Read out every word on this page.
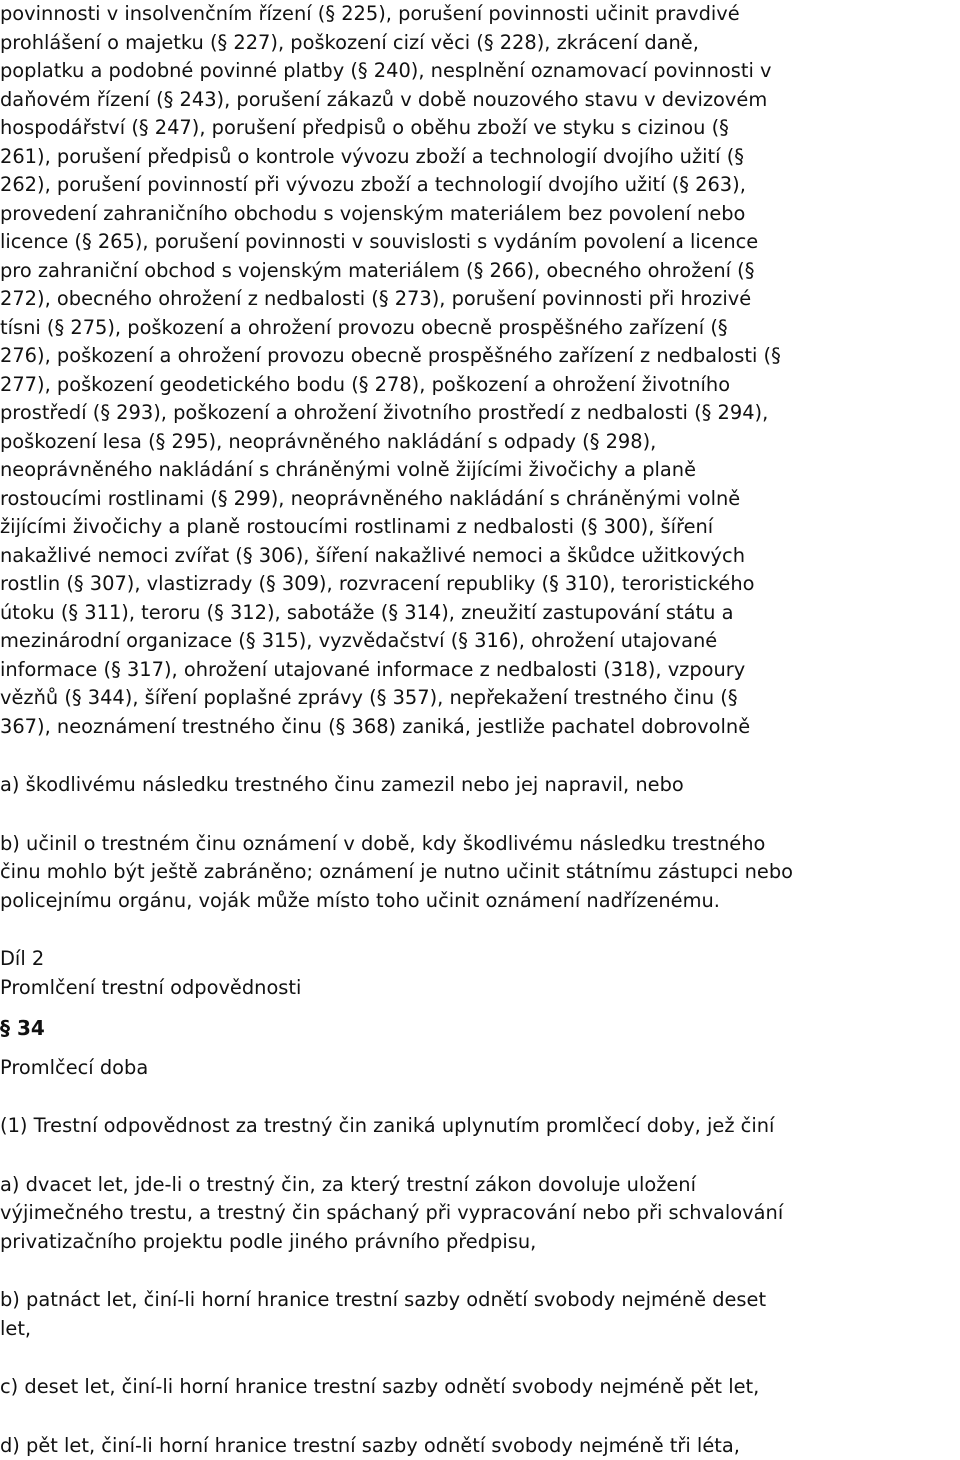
povinnosti v insolvenčním řízení (§ 225), porušení povinnosti učinit pravdivé
prohlášení o majetku (§ 227), poškození cizí věci (§ 228), zkrácení daně,
poplatku a podobné povinné platby (§ 240), nesplnění oznamovací povinnosti v
daňovém řízení (§ 243), porušení zákazů v době nouzového stavu v devizovém
hospodářství (§ 247), porušení předpisů o oběhu zboží ve styku s cizinou (§
261), porušení předpisů o kontrole vývozu zboží a technologií dvojího užití (§
262), porušení povinností při vývozu zboží a technologií dvojího užití (§ 263),
provedení zahraničního obchodu s vojenským materiálem bez povolení nebo
licence (§ 265), porušení povinnosti v souvislosti s vydáním povolení a licence
pro zahraniční obchod s vojenským materiálem (§ 266), obecného ohrožení (§
272), obecného ohrožení z nedbalosti (§ 273), porušení povinnosti při hrozivé
tísni (§ 275), poškození a ohrožení provozu obecně prospěšného zařízení (§
276), poškození a ohrožení provozu obecně prospěšného zařízení z nedbalosti (§
277), poškození geodetického bodu (§ 278), poškození a ohrožení životního
prostředí (§ 293), poškození a ohrožení životního prostředí z nedbalosti (§ 294),
poškození lesa (§ 295), neoprávněného nakládání s odpady (§ 298),
neoprávněného nakládání s chráněnými volně žijícími živočichy a planě
rostoucími rostlinami (§ 299), neoprávněného nakládání s chráněnými volně
žijícími živočichy a planě rostoucími rostlinami z nedbalosti (§ 300), šíření
nakažlivé nemoci zvířat (§ 306), šíření nakažlivé nemoci a škůdce užitkových
rostlin (§ 307), vlastizrady (§ 309), rozvracení republiky (§ 310), teroristického
útoku (§ 311), teroru (§ 312), sabotáže (§ 314), zneužití zastupování státu a
mezinárodní organizace (§ 315), vyzvědačství (§ 316), ohrožení utajované
informace (§ 317), ohrožení utajované informace z nedbalosti (318), vzpoury
vězňů (§ 344), šíření poplašné zprávy (§ 357), nepřekažení trestného činu (§
367), neoznámení trestného činu (§ 368) zaniká, jestliže pachatel dobrovolně
a) škodlivému následku trestného činu zamezil nebo jej napravil, nebo
b) učinil o trestném činu oznámení v době, kdy škodlivému následku trestného
činu mohlo být ještě zabráněno; oznámení je nutno učinit státnímu zástupci nebo
policejnímu orgánu, voják může místo toho učinit oznámení nadřízenému.
Díl 2
Promlčení trestní odpovědnosti
§ 34
Promlčecí doba
(1) Trestní odpovědnost za trestný čin zaniká uplynutím promlčecí doby, jež činí
a) dvacet let, jde-li o trestný čin, za který trestní zákon dovoluje uložení
výjimečného trestu, a trestný čin spáchaný při vypracování nebo při schvalování
privatizačního projektu podle jiného právního předpisu,
b) patnáct let, činí-li horní hranice trestní sazby odnětí svobody nejméně deset
let,
c) deset let, činí-li horní hranice trestní sazby odnětí svobody nejméně pět let,
d) pět let, činí-li horní hranice trestní sazby odnětí svobody nejméně tři léta,
